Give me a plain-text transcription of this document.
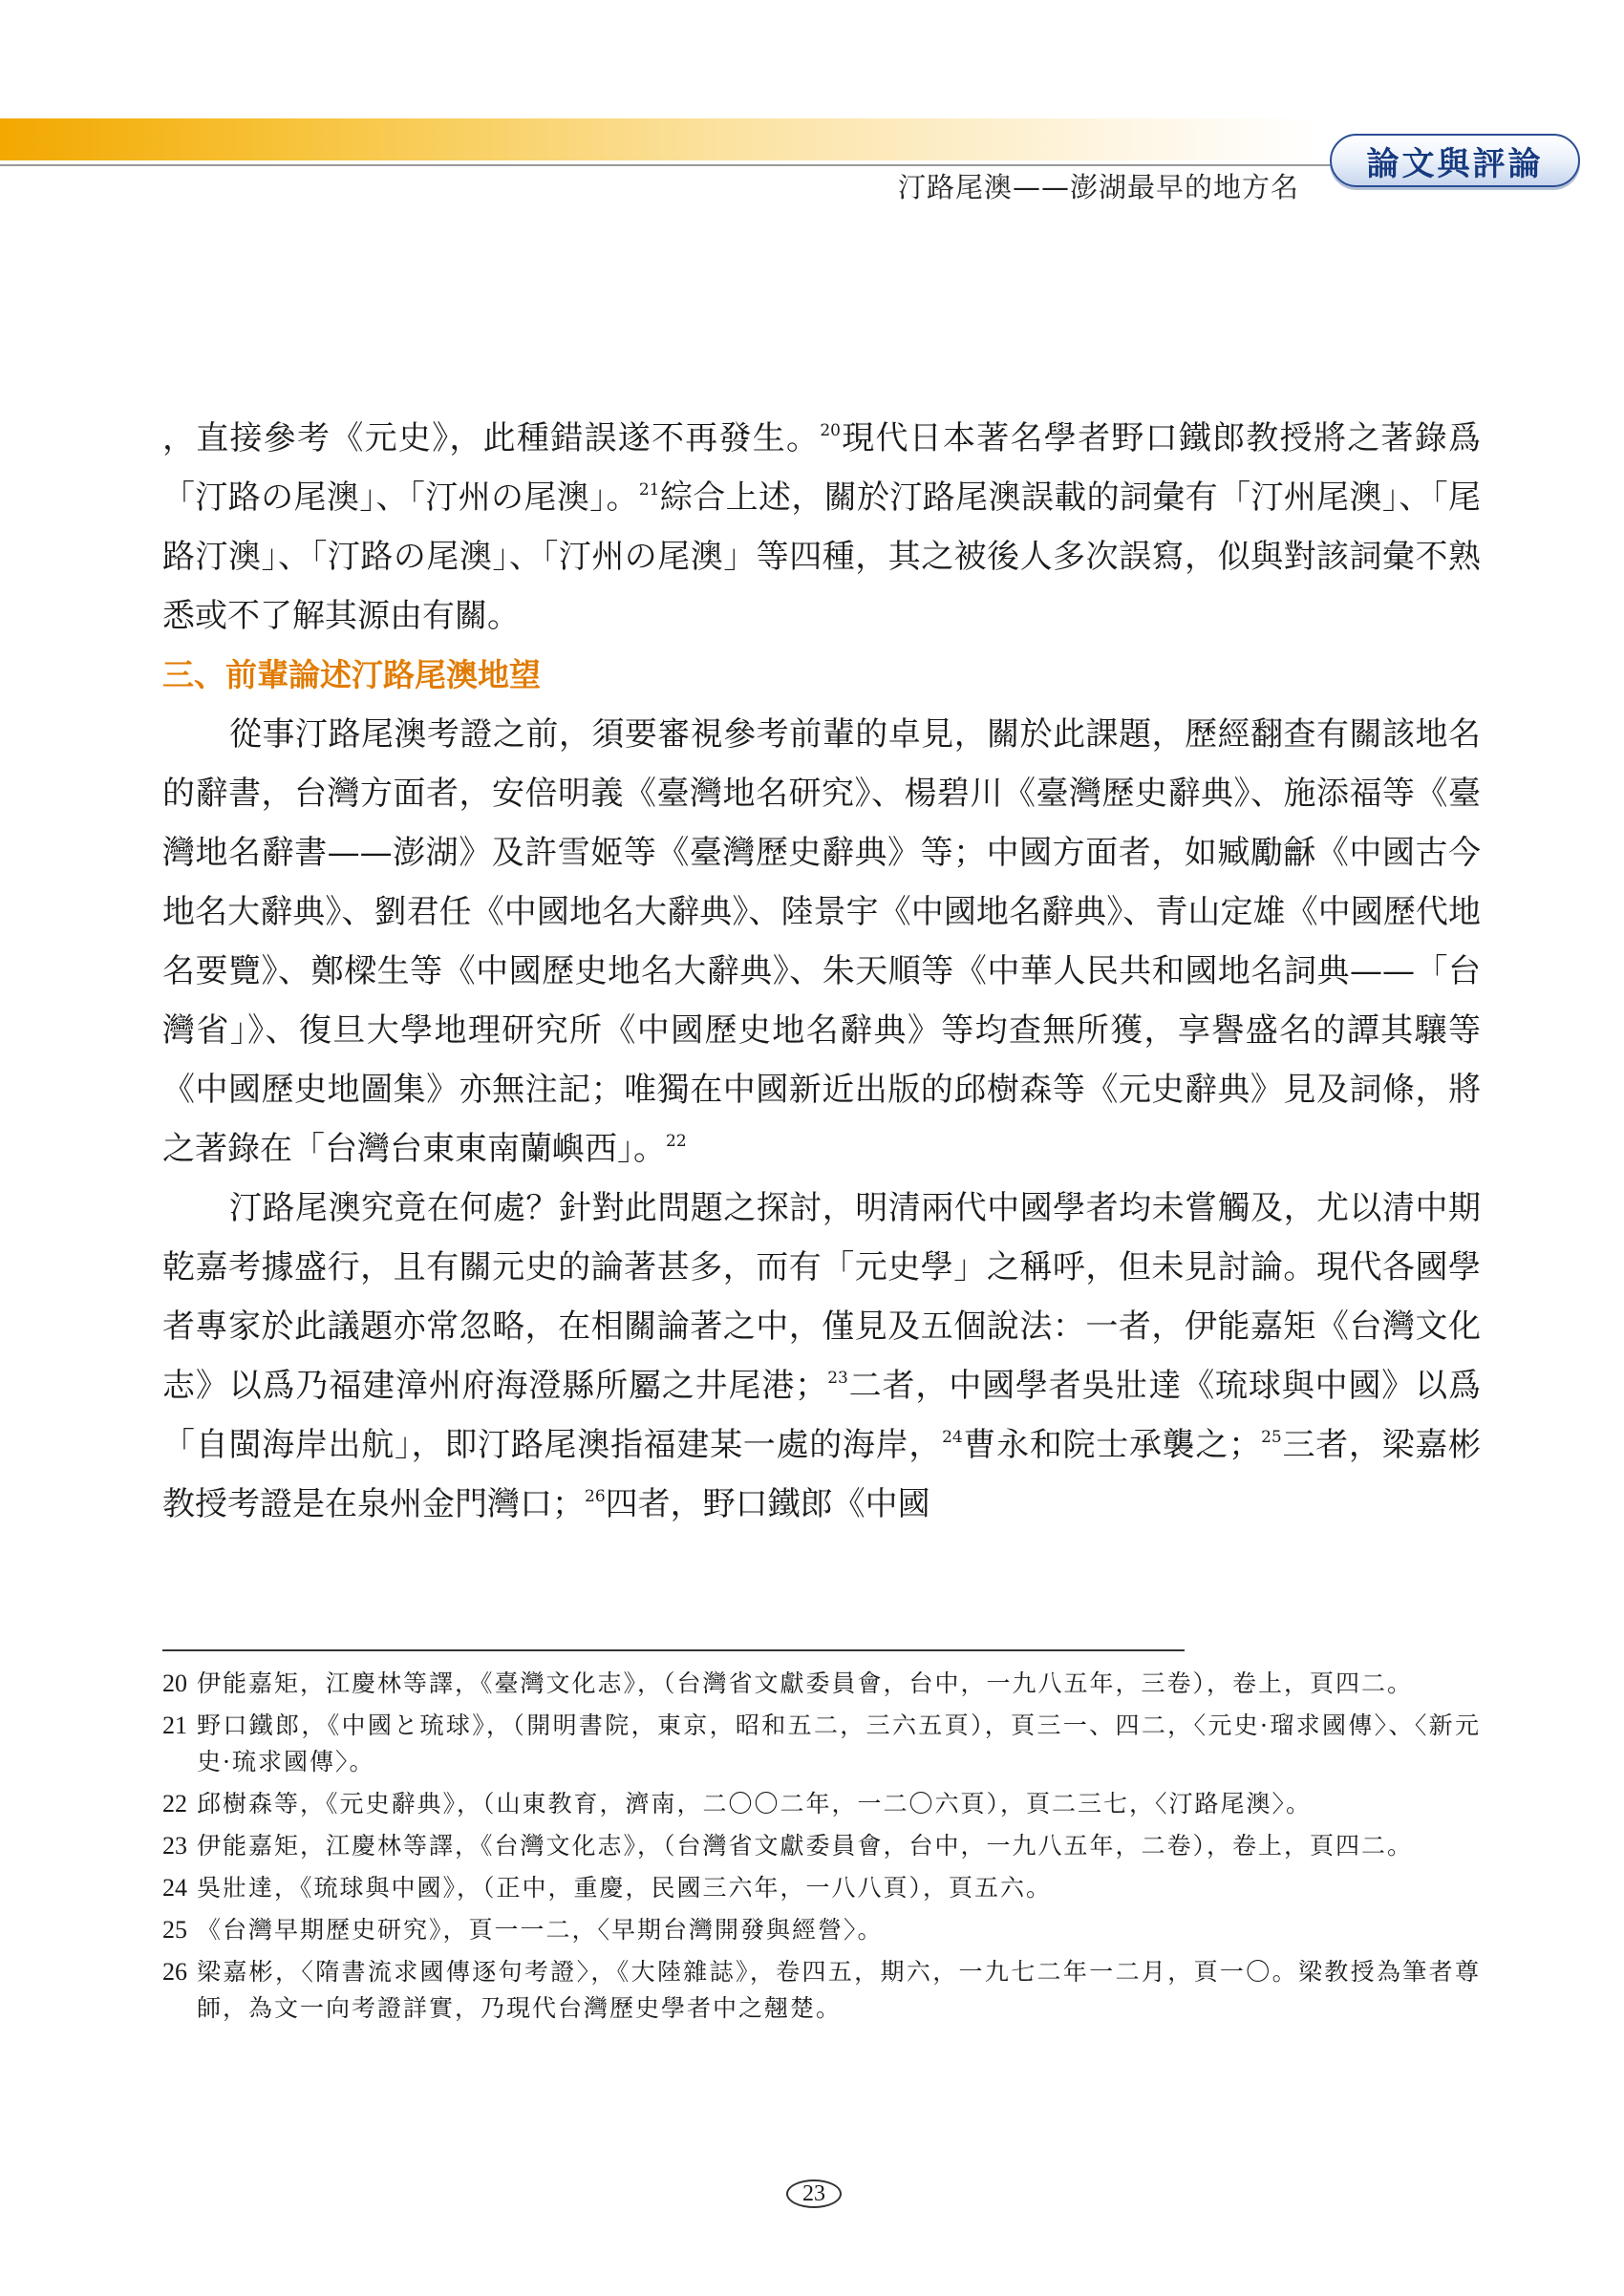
汀路尾澳——澎湖最早的地方名
論文與評論

，直接參考《元史》，此種錯誤遂不再發生。$^{20}$現代日本著名學者野口鐵郎教授將之著錄爲「汀路の尾澳」、「汀州の尾澳」。$^{21}$綜合上述，關於汀路尾澳誤載的詞彙有「汀州尾澳」、「尾路汀澳」、「汀路の尾澳」、「汀州の尾澳」等四種，其之被後人多次誤寫，似與對該詞彙不熟悉或不了解其源由有關。

三、前輩論述汀路尾澳地望

從事汀路尾澳考證之前，須要審視參考前輩的卓見，關於此課題，歷經翻查有關該地名的辭書，台灣方面者，安倍明義《臺灣地名研究》、楊碧川《臺灣歷史辭典》、施添福等《臺灣地名辭書——澎湖》及許雪姬等《臺灣歷史辭典》等；中國方面者，如臧勵龢《中國古今地名大辭典》、劉君任《中國地名大辭典》、陸景宇《中國地名辭典》、青山定雄《中國歷代地名要覽》、鄭樑生等《中國歷史地名大辭典》、朱天順等《中華人民共和國地名詞典——「台灣省」》、復旦大學地理研究所《中國歷史地名辭典》等均查無所獲，享譽盛名的譚其驤等《中國歷史地圖集》亦無注記；唯獨在中國新近出版的邱樹森等《元史辭典》見及詞條，將之著錄在「台灣台東東南蘭嶼西」。$^{22}$

汀路尾澳究竟在何處？針對此問題之探討，明清兩代中國學者均未嘗觸及，尤以清中期乾嘉考據盛行，且有關元史的論著甚多，而有「元史學」之稱呼，但未見討論。現代各國學者專家於此議題亦常忽略，在相關論著之中，僅見及五個說法：一者，伊能嘉矩《台灣文化志》以爲乃福建漳州府海澄縣所屬之井尾港；$^{23}$二者，中國學者吳壯達《琉球與中國》以爲「自閩海岸出航」，即汀路尾澳指福建某一處的海岸，$^{24}$曹永和院士承襲之；$^{25}$三者，梁嘉彬教授考證是在泉州金門灣口；$^{26}$四者，野口鐵郎《中國

20 伊能嘉矩，江慶林等譯，《臺灣文化志》，（台灣省文獻委員會，台中，一九八五年，三卷），卷上，頁四二。
21 野口鐵郎，《中國と琉球》，（開明書院，東京，昭和五二，三六五頁），頁三一、四二，〈元史·瑠求國傳〉、〈新元史·琉求國傳〉。
22 邱樹森等，《元史辭典》，（山東教育，濟南，二〇〇二年，一二〇六頁），頁二三七，〈汀路尾澳〉。
23 伊能嘉矩，江慶林等譯，《台灣文化志》，（台灣省文獻委員會，台中，一九八五年，二卷），卷上，頁四二。
24 吳壯達，《琉球與中國》，（正中，重慶，民國三六年，一八八頁），頁五六。
25 《台灣早期歷史研究》，頁一一二，〈早期台灣開發與經營〉。
26 梁嘉彬，〈隋書流求國傳逐句考證〉，《大陸雜誌》，卷四五，期六，一九七二年一二月，頁一〇。梁教授為筆者尊師，為文一向考證詳實，乃現代台灣歷史學者中之翹楚。
23
